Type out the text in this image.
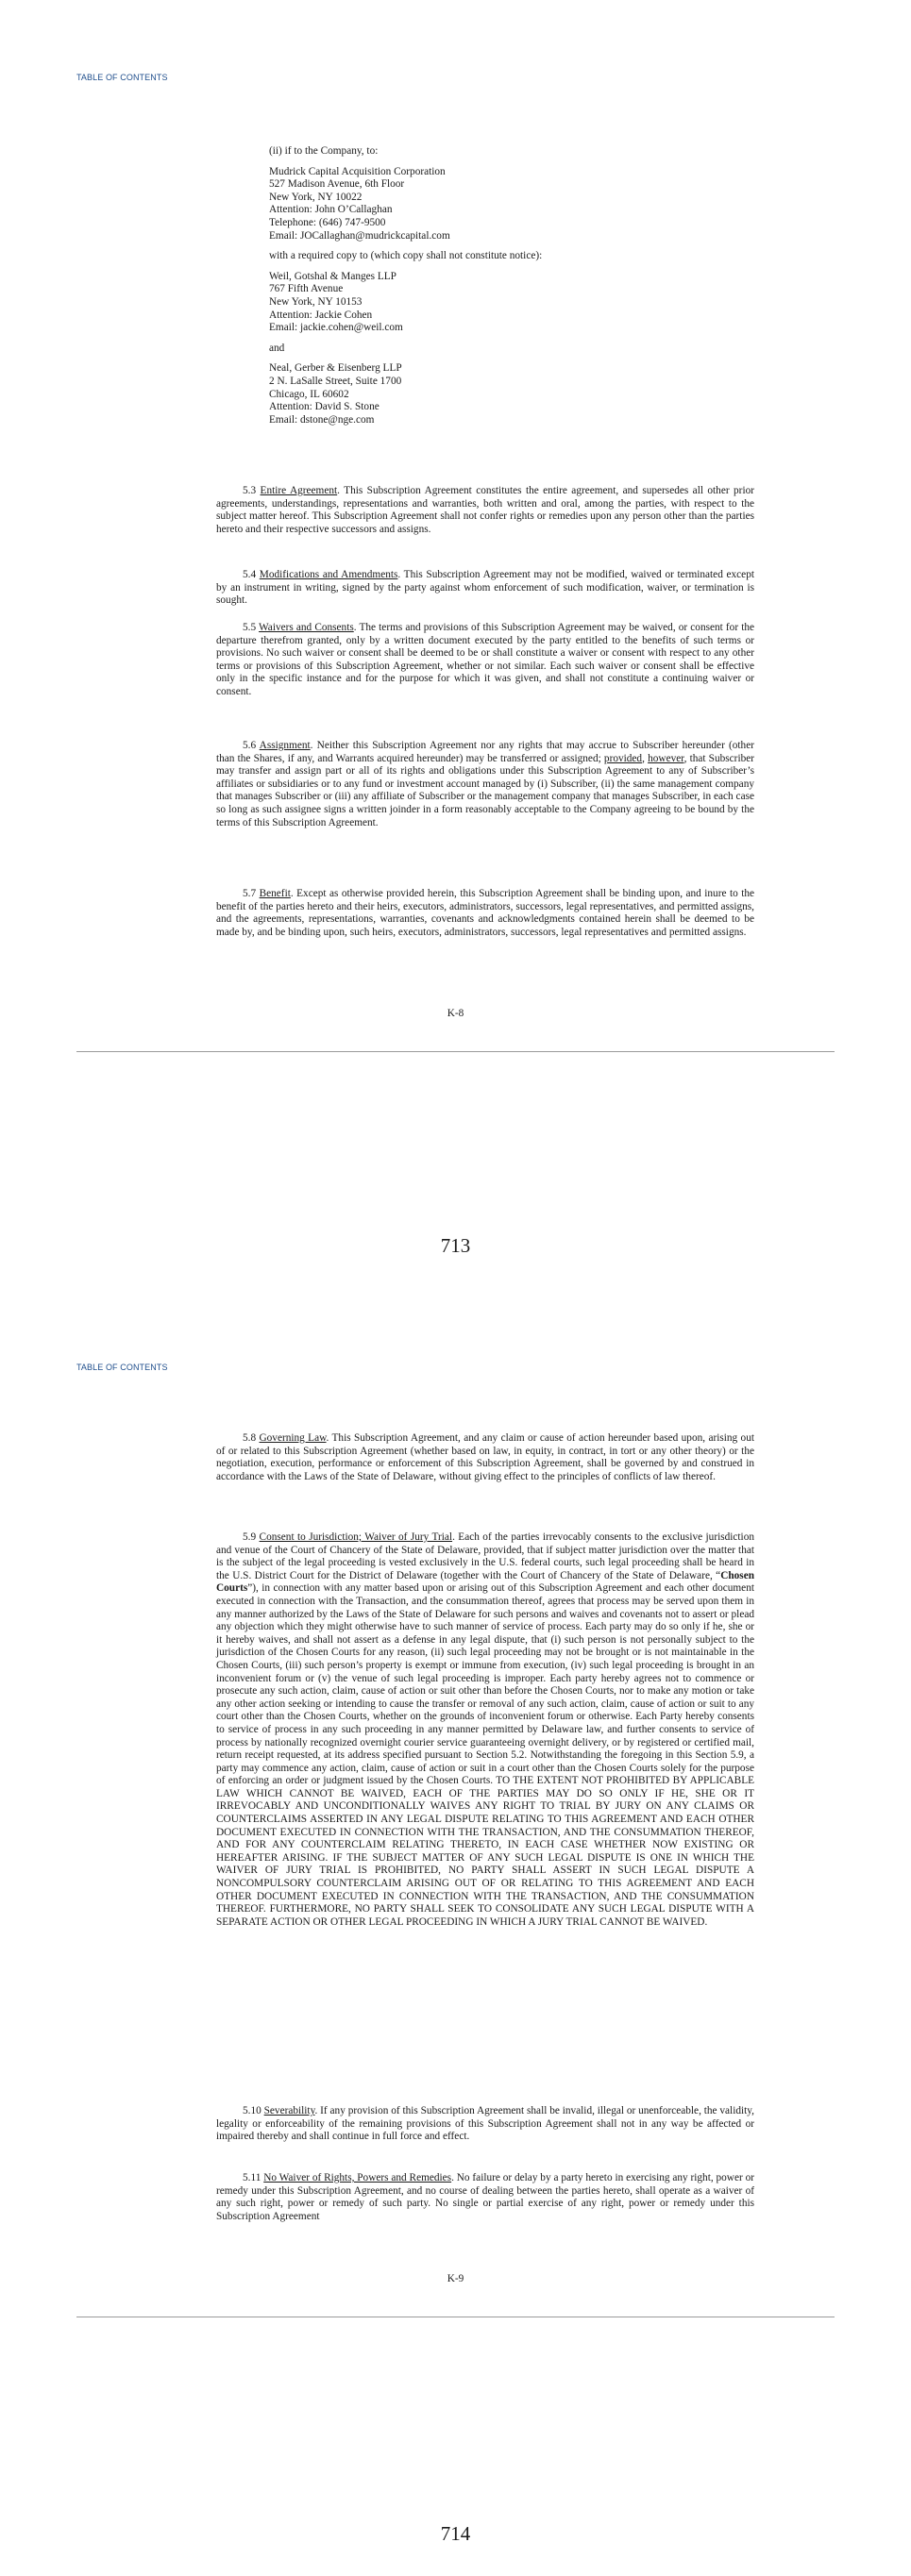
TABLE OF CONTENTS
(ii) if to the Company, to:
Mudrick Capital Acquisition Corporation
527 Madison Avenue, 6th Floor
New York, NY 10022
Attention: John O’Callaghan
Telephone: (646) 747-9500
Email: JOCallaghan@mudrickcapital.com
with a required copy to (which copy shall not constitute notice):
Weil, Gotshal & Manges LLP
767 Fifth Avenue
New York, NY 10153
Attention: Jackie Cohen
Email: jackie.cohen@weil.com
and
Neal, Gerber & Eisenberg LLP
2 N. LaSalle Street, Suite 1700
Chicago, IL 60602
Attention: David S. Stone
Email: dstone@nge.com

5.3 Entire Agreement. This Subscription Agreement constitutes the entire agreement, and supersedes all other prior agreements, understandings, representations and warranties, both written and oral, among the parties, with respect to the subject matter hereof. This Subscription Agreement shall not confer rights or remedies upon any person other than the parties hereto and their respective successors and assigns.

5.4 Modifications and Amendments. This Subscription Agreement may not be modified, waived or terminated except by an instrument in writing, signed by the party against whom enforcement of such modification, waiver, or termination is sought.

5.5 Waivers and Consents. The terms and provisions of this Subscription Agreement may be waived, or consent for the departure therefrom granted, only by a written document executed by the party entitled to the benefits of such terms or provisions. No such waiver or consent shall be deemed to be or shall constitute a waiver or consent with respect to any other terms or provisions of this Subscription Agreement, whether or not similar. Each such waiver or consent shall be effective only in the specific instance and for the purpose for which it was given, and shall not constitute a continuing waiver or consent.

5.6 Assignment. Neither this Subscription Agreement nor any rights that may accrue to Subscriber hereunder (other than the Shares, if any, and Warrants acquired hereunder) may be transferred or assigned; provided, however, that Subscriber may transfer and assign part or all of its rights and obligations under this Subscription Agreement to any of Subscriber’s affiliates or subsidiaries or to any fund or investment account managed by (i) Subscriber, (ii) the same management company that manages Subscriber or (iii) any affiliate of Subscriber or the management company that manages Subscriber, in each case so long as such assignee signs a written joinder in a form reasonably acceptable to the Company agreeing to be bound by the terms of this Subscription Agreement.

5.7 Benefit. Except as otherwise provided herein, this Subscription Agreement shall be binding upon, and inure to the benefit of the parties hereto and their heirs, executors, administrators, successors, legal representatives, and permitted assigns, and the agreements, representations, warranties, covenants and acknowledgments contained herein shall be deemed to be made by, and be binding upon, such heirs, executors, administrators, successors, legal representatives and permitted assigns.

K-8
713
TABLE OF CONTENTS

5.8 Governing Law. This Subscription Agreement, and any claim or cause of action hereunder based upon, arising out of or related to this Subscription Agreement (whether based on law, in equity, in contract, in tort or any other theory) or the negotiation, execution, performance or enforcement of this Subscription Agreement, shall be governed by and construed in accordance with the Laws of the State of Delaware, without giving effect to the principles of conflicts of law thereof.

5.9 Consent to Jurisdiction; Waiver of Jury Trial. Each of the parties irrevocably consents to the exclusive jurisdiction and venue of the Court of Chancery of the State of Delaware, provided, that if subject matter jurisdiction over the matter that is the subject of the legal proceeding is vested exclusively in the U.S. federal courts, such legal proceeding shall be heard in the U.S. District Court for the District of Delaware (together with the Court of Chancery of the State of Delaware, “Chosen Courts”), in connection with any matter based upon or arising out of this Subscription Agreement and each other document executed in connection with the Transaction, and the consummation thereof, agrees that process may be served upon them in any manner authorized by the Laws of the State of Delaware for such persons and waives and covenants not to assert or plead any objection which they might otherwise have to such manner of service of process. Each party may do so only if he, she or it hereby waives, and shall not assert as a defense in any legal dispute, that (i) such person is not personally subject to the jurisdiction of the Chosen Courts for any reason, (ii) such legal proceeding may not be brought or is not maintainable in the Chosen Courts, (iii) such person’s property is exempt or immune from execution, (iv) such legal proceeding is brought in an inconvenient forum or (v) the venue of such legal proceeding is improper. Each party hereby agrees not to commence or prosecute any such action, claim, cause of action or suit other than before the Chosen Courts, nor to make any motion or take any other action seeking or intending to cause the transfer or removal of any such action, claim, cause of action or suit to any court other than the Chosen Courts, whether on the grounds of inconvenient forum or otherwise. Each Party hereby consents to service of process in any such proceeding in any manner permitted by Delaware law, and further consents to service of process by nationally recognized overnight courier service guaranteeing overnight delivery, or by registered or certified mail, return receipt requested, at its address specified pursuant to Section 5.2. Notwithstanding the foregoing in this Section 5.9, a party may commence any action, claim, cause of action or suit in a court other than the Chosen Courts solely for the purpose of enforcing an order or judgment issued by the Chosen Courts. TO THE EXTENT NOT PROHIBITED BY APPLICABLE LAW WHICH CANNOT BE WAIVED, EACH OF THE PARTIES MAY DO SO ONLY IF HE, SHE OR IT IRREVOCABLY AND UNCONDITIONALLY WAIVES ANY RIGHT TO TRIAL BY JURY ON ANY CLAIMS OR COUNTERCLAIMS ASSERTED IN ANY LEGAL DISPUTE RELATING TO THIS AGREEMENT AND EACH OTHER DOCUMENT EXECUTED IN CONNECTION WITH THE TRANSACTION, AND THE CONSUMMATION THEREOF, AND FOR ANY COUNTERCLAIM RELATING THERETO, IN EACH CASE WHETHER NOW EXISTING OR HEREAFTER ARISING. IF THE SUBJECT MATTER OF ANY SUCH LEGAL DISPUTE IS ONE IN WHICH THE WAIVER OF JURY TRIAL IS PROHIBITED, NO PARTY SHALL ASSERT IN SUCH LEGAL DISPUTE A NONCOMPULSORY COUNTERCLAIM ARISING OUT OF OR RELATING TO THIS AGREEMENT AND EACH OTHER DOCUMENT EXECUTED IN CONNECTION WITH THE TRANSACTION, AND THE CONSUMMATION THEREOF. FURTHERMORE, NO PARTY SHALL SEEK TO CONSOLIDATE ANY SUCH LEGAL DISPUTE WITH A SEPARATE ACTION OR OTHER LEGAL PROCEEDING IN WHICH A JURY TRIAL CANNOT BE WAIVED.

5.10 Severability. If any provision of this Subscription Agreement shall be invalid, illegal or unenforceable, the validity, legality or enforceability of the remaining provisions of this Subscription Agreement shall not in any way be affected or impaired thereby and shall continue in full force and effect.

5.11 No Waiver of Rights, Powers and Remedies. No failure or delay by a party hereto in exercising any right, power or remedy under this Subscription Agreement, and no course of dealing between the parties hereto, shall operate as a waiver of any such right, power or remedy of such party. No single or partial exercise of any right, power or remedy under this Subscription Agreement

K-9
714
